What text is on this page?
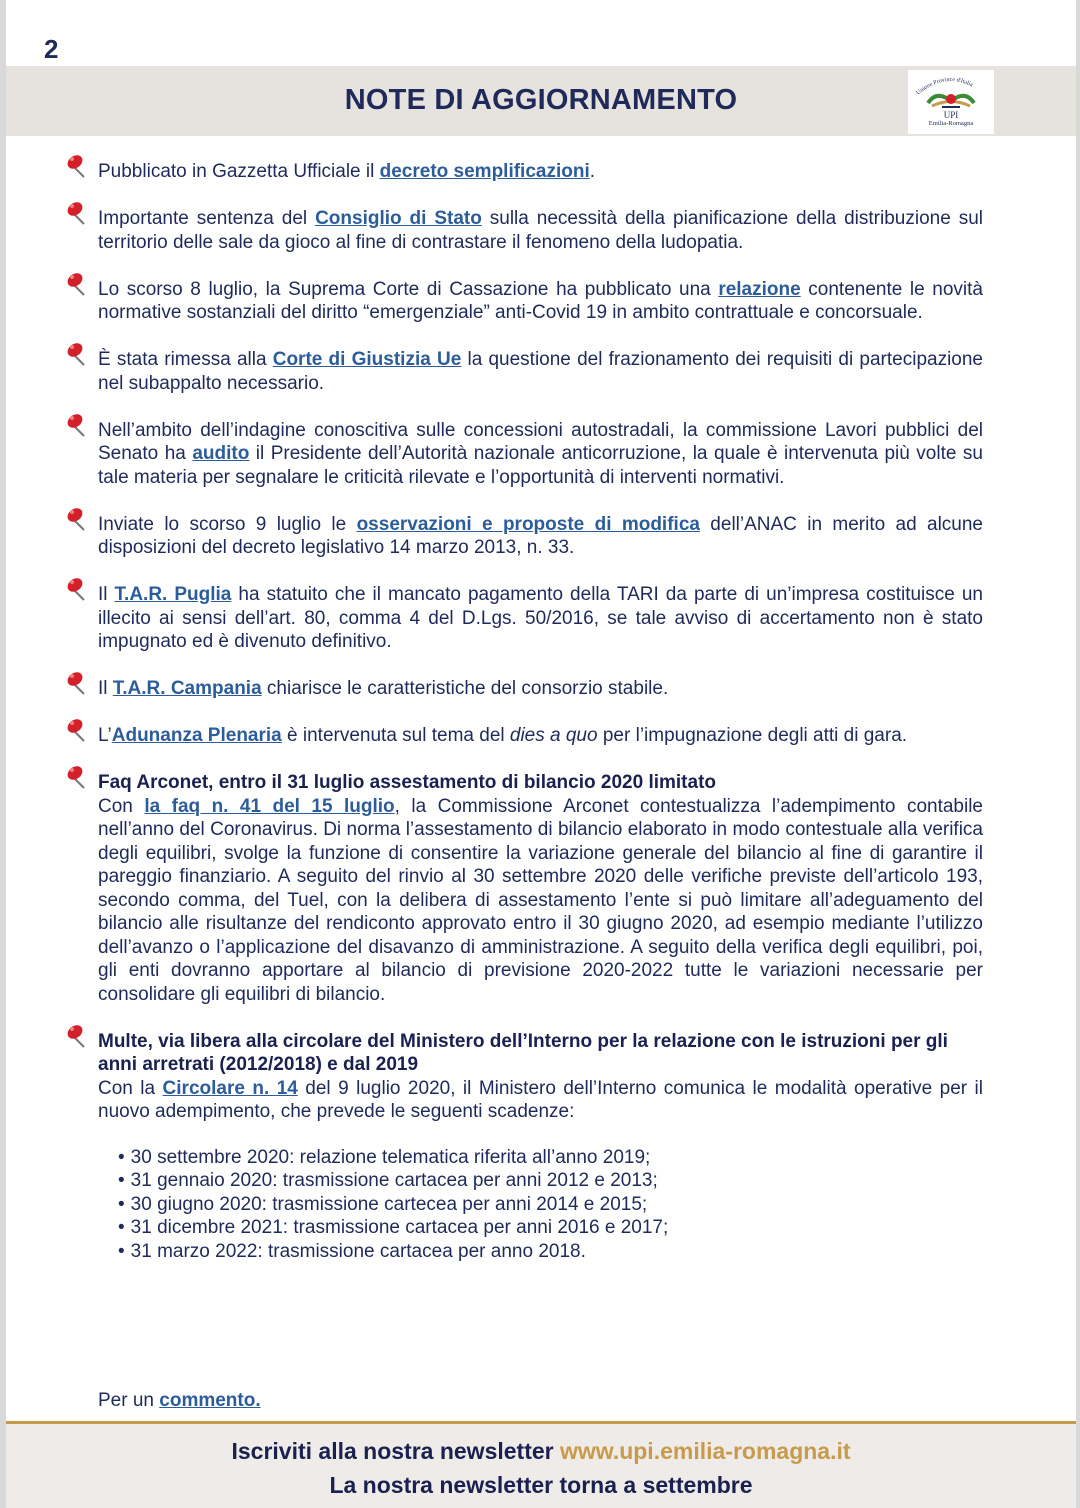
2
NOTE DI AGGIORNAMENTO	Unione Province d'Italia
UPI
Emilia-Romagna

Pubblicato in Gazzetta Ufficiale il decreto semplificazioni.

Importante sentenza del Consiglio di Stato sulla necessità della pianificazione della distribuzione sul territorio delle sale da gioco al fine di contrastare il fenomeno della ludopatia.

Lo scorso 8 luglio, la Suprema Corte di Cassazione ha pubblicato una relazione contenente le novità normative sostanziali del diritto “emergenziale” anti-Covid 19 in ambito contrattuale e concorsuale.

È stata rimessa alla Corte di Giustizia Ue la questione del frazionamento dei requisiti di partecipazione nel subappalto necessario.

Nell’ambito dell’indagine conoscitiva sulle concessioni autostradali, la commissione Lavori pubblici del Senato ha audito il Presidente dell’Autorità nazionale anticorruzione, la quale è intervenuta più volte su tale materia per segnalare le criticità rilevate e l’opportunità di interventi normativi.

Inviate lo scorso 9 luglio le osservazioni e proposte di modifica dell’ANAC in merito ad alcune disposizioni del decreto legislativo 14 marzo 2013, n. 33.

Il T.A.R. Puglia ha statuito che il mancato pagamento della TARI da parte di un’impresa costituisce un illecito ai sensi dell’art. 80, comma 4 del D.Lgs. 50/2016, se tale avviso di accertamento non è stato impugnato ed è divenuto definitivo.

Il T.A.R. Campania chiarisce le caratteristiche del consorzio stabile.

L’Adunanza Plenaria è intervenuta sul tema del dies a quo per l’impugnazione degli atti di gara.

Faq Arconet, entro il 31 luglio assestamento di bilancio 2020 limitato

Con la faq n. 41 del 15 luglio, la Commissione Arconet contestualizza l’adempimento contabile nell’anno del Coronavirus. Di norma l’assestamento di bilancio elaborato in modo contestuale alla verifica degli equilibri, svolge la funzione di consentire la variazione generale del bilancio al fine di garantire il pareggio finanziario. A seguito del rinvio al 30 settembre 2020 delle verifiche previste dell’articolo 193, secondo comma, del Tuel, con la delibera di assestamento l’ente si può limitare all’adeguamento del bilancio alle risultanze del rendiconto approvato entro il 30 giugno 2020, ad esempio mediante l’utilizzo dell’avanzo o l’applicazione del disavanzo di amministrazione. A seguito della verifica degli equilibri, poi, gli enti dovranno apportare al bilancio di previsione 2020-2022 tutte le variazioni necessarie per consolidare gli equilibri di bilancio.

Multe, via libera alla circolare del Ministero dell’Interno per la relazione con le istruzioni per gli anni arretrati (2012/2018) e dal 2019

Con la Circolare n. 14 del 9 luglio 2020, il Ministero dell’Interno comunica le modalità operative per il nuovo adempimento, che prevede le seguenti scadenze:

• 30 settembre 2020: relazione telematica riferita all’anno 2019;
• 31 gennaio 2020: trasmissione cartacea per anni 2012 e 2013;
• 30 giugno 2020: trasmissione cartecea per anni 2014 e 2015;
• 31 dicembre 2021: trasmissione cartacea per anni 2016 e 2017;
• 31 marzo 2022: trasmissione cartacea per anno 2018.
Per un commento.
Iscriviti alla nostra newsletter www.upi.emilia-romagna.it
La nostra newsletter torna a settembre
